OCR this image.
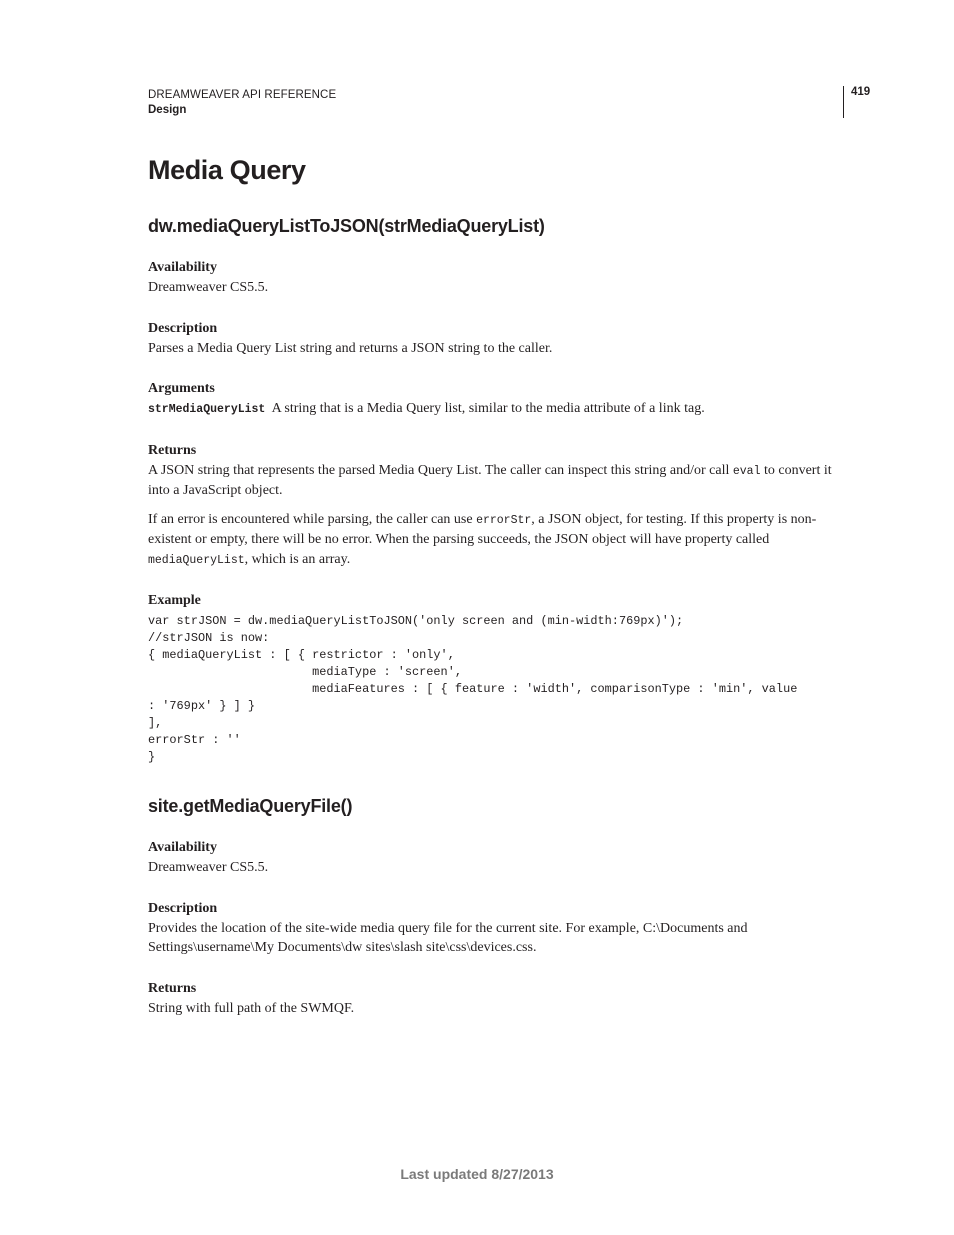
DREAMWEAVER API REFERENCE
Design
419
Media Query
dw.mediaQueryListToJSON(strMediaQueryList)
Availability
Dreamweaver CS5.5.
Description
Parses a Media Query List string and returns a JSON string to the caller.
Arguments
strMediaQueryList A string that is a Media Query list, similar to the media attribute of a link tag.
Returns
A JSON string that represents the parsed Media Query List. The caller can inspect this string and/or call eval to convert it into a JavaScript object.
If an error is encountered while parsing, the caller can use errorStr, a JSON object, for testing. If this property is non-existent or empty, there will be no error. When the parsing succeeds, the JSON object will have property called mediaQueryList, which is an array.
Example
var strJSON = dw.mediaQueryListToJSON('only screen and (min-width:769px)');
//strJSON is now:
{ mediaQueryList : [ { restrictor : 'only',
mediaType : 'screen',
mediaFeatures : [ { feature : 'width', comparisonType : 'min', value
: '769px' } ] }
],
errorStr : ''
}
site.getMediaQueryFile()
Availability
Dreamweaver CS5.5.
Description
Provides the location of the site-wide media query file for the current site. For example, C:\Documents and Settings\username\My Documents\dw sites\slash site\css\devices.css.
Returns
String with full path of the SWMQF.
Last updated 8/27/2013
